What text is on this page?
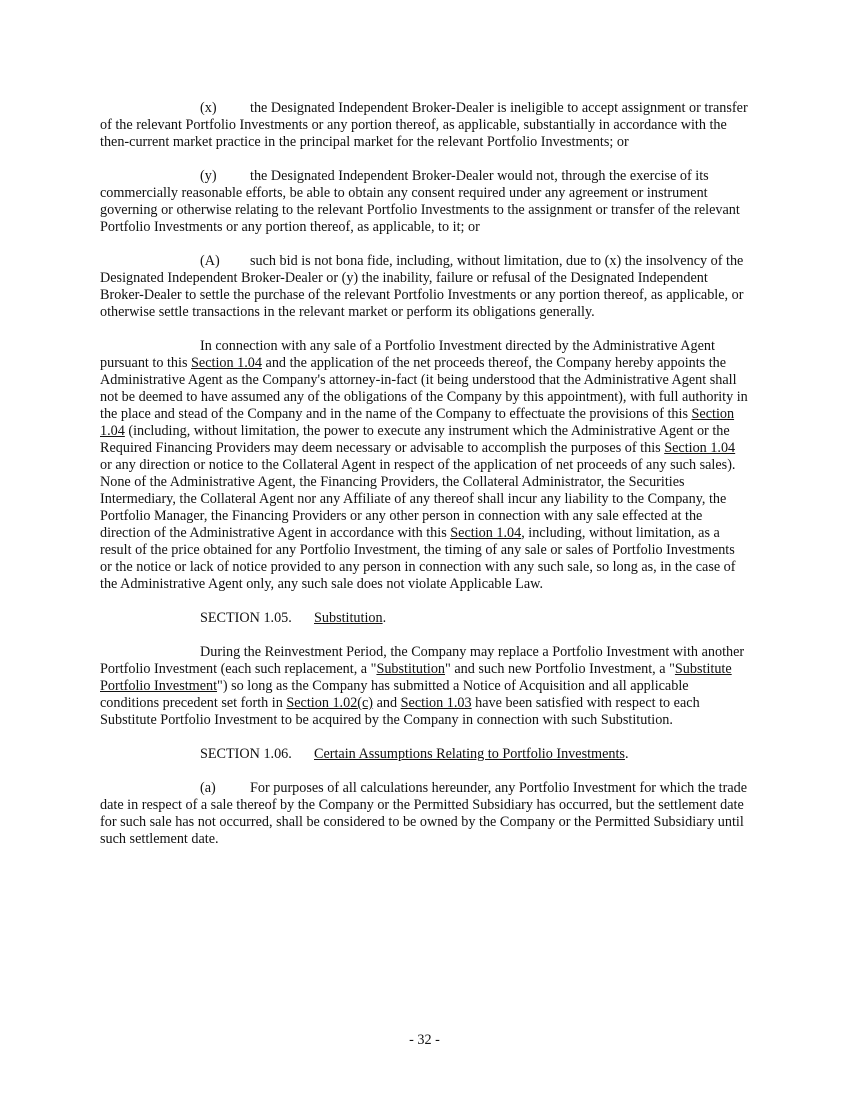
(x) the Designated Independent Broker-Dealer is ineligible to accept assignment or transfer of the relevant Portfolio Investments or any portion thereof, as applicable, substantially in accordance with the then-current market practice in the principal market for the relevant Portfolio Investments; or

(y) the Designated Independent Broker-Dealer would not, through the exercise of its commercially reasonable efforts, be able to obtain any consent required under any agreement or instrument governing or otherwise relating to the relevant Portfolio Investments to the assignment or transfer of the relevant Portfolio Investments or any portion thereof, as applicable, to it; or

(A) such bid is not bona fide, including, without limitation, due to (x) the insolvency of the Designated Independent Broker-Dealer or (y) the inability, failure or refusal of the Designated Independent Broker-Dealer to settle the purchase of the relevant Portfolio Investments or any portion thereof, as applicable, or otherwise settle transactions in the relevant market or perform its obligations generally.

In connection with any sale of a Portfolio Investment directed by the Administrative Agent pursuant to this Section 1.04 and the application of the net proceeds thereof, the Company hereby appoints the Administrative Agent as the Company's attorney-in-fact (it being understood that the Administrative Agent shall not be deemed to have assumed any of the obligations of the Company by this appointment), with full authority in the place and stead of the Company and in the name of the Company to effectuate the provisions of this Section 1.04 (including, without limitation, the power to execute any instrument which the Administrative Agent or the Required Financing Providers may deem necessary or advisable to accomplish the purposes of this Section 1.04 or any direction or notice to the Collateral Agent in respect of the application of net proceeds of any such sales). None of the Administrative Agent, the Financing Providers, the Collateral Administrator, the Securities Intermediary, the Collateral Agent nor any Affiliate of any thereof shall incur any liability to the Company, the Portfolio Manager, the Financing Providers or any other person in connection with any sale effected at the direction of the Administrative Agent in accordance with this Section 1.04, including, without limitation, as a result of the price obtained for any Portfolio Investment, the timing of any sale or sales of Portfolio Investments or the notice or lack of notice provided to any person in connection with any such sale, so long as, in the case of the Administrative Agent only, any such sale does not violate Applicable Law.

SECTION 1.05. Substitution.

During the Reinvestment Period, the Company may replace a Portfolio Investment with another Portfolio Investment (each such replacement, a "Substitution" and such new Portfolio Investment, a "Substitute Portfolio Investment") so long as the Company has submitted a Notice of Acquisition and all applicable conditions precedent set forth in Section 1.02(c) and Section 1.03 have been satisfied with respect to each Substitute Portfolio Investment to be acquired by the Company in connection with such Substitution.

SECTION 1.06. Certain Assumptions Relating to Portfolio Investments.

(a) For purposes of all calculations hereunder, any Portfolio Investment for which the trade date in respect of a sale thereof by the Company or the Permitted Subsidiary has occurred, but the settlement date for such sale has not occurred, shall be considered to be owned by the Company or the Permitted Subsidiary until such settlement date.

- 32 -
